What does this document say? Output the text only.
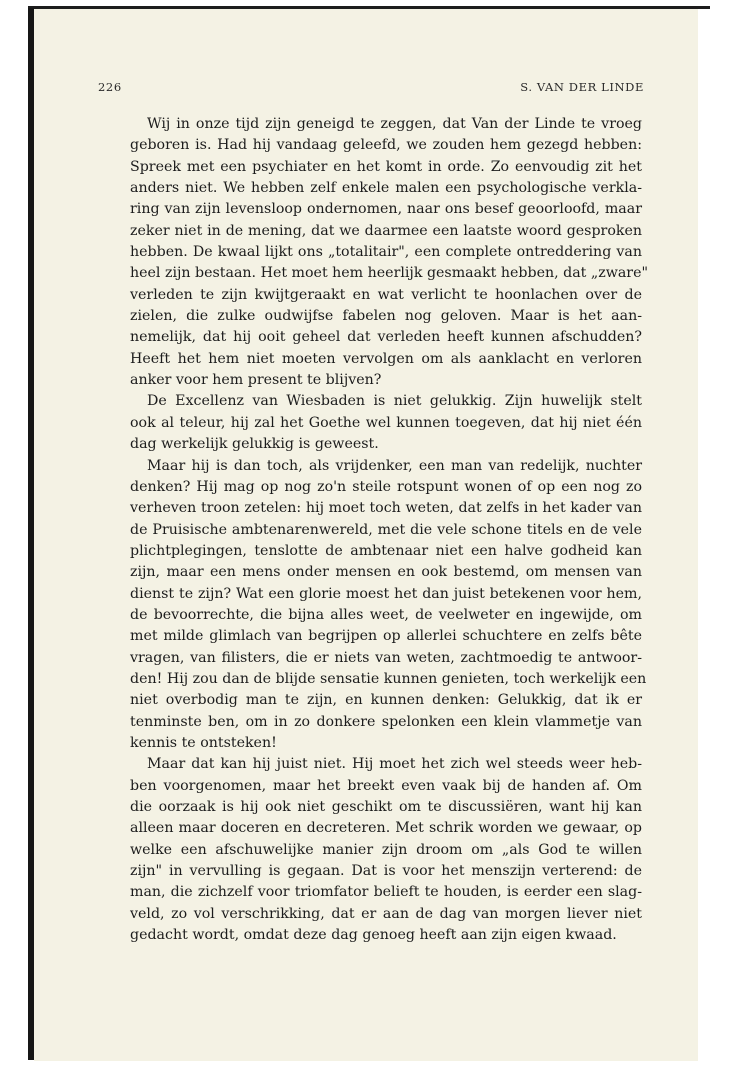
226	S. VAN DER LINDE
Wij in onze tijd zijn geneigd te zeggen, dat Van der Linde te vroeg
geboren is. Had hij vandaag geleefd, we zouden hem gezegd hebben:
Spreek met een psychiater en het komt in orde. Zo eenvoudig zit het
anders niet. We hebben zelf enkele malen een psychologische verkla-
ring van zijn levensloop ondernomen, naar ons besef geoorloofd, maar
zeker niet in de mening, dat we daarmee een laatste woord gesproken
hebben. De kwaal lijkt ons „totalitair", een complete ontreddering van
heel zijn bestaan. Het moet hem heerlijk gesmaakt hebben, dat „zware"
verleden te zijn kwijtgeraakt en wat verlicht te hoonlachen over de
zielen, die zulke oudwijfse fabelen nog geloven. Maar is het aan-
nemelijk, dat hij ooit geheel dat verleden heeft kunnen afschudden?
Heeft het hem niet moeten vervolgen om als aanklacht en verloren
anker voor hem present te blijven?
De Excellenz van Wiesbaden is niet gelukkig. Zijn huwelijk stelt
ook al teleur, hij zal het Goethe wel kunnen toegeven, dat hij niet één
dag werkelijk gelukkig is geweest.
Maar hij is dan toch, als vrijdenker, een man van redelijk, nuchter
denken? Hij mag op nog zo'n steile rotspunt wonen of op een nog zo
verheven troon zetelen: hij moet toch weten, dat zelfs in het kader van
de Pruisische ambtenarenwereld, met die vele schone titels en de vele
plichtplegingen, tenslotte de ambtenaar niet een halve godheid kan
zijn, maar een mens onder mensen en ook bestemd, om mensen van
dienst te zijn? Wat een glorie moest het dan juist betekenen voor hem,
de bevoorrechte, die bijna alles weet, de veelweter en ingewijde, om
met milde glimlach van begrijpen op allerlei schuchtere en zelfs bête
vragen, van filisters, die er niets van weten, zachtmoedig te antwoor-
den! Hij zou dan de blijde sensatie kunnen genieten, toch werkelijk een
niet overbodig man te zijn, en kunnen denken: Gelukkig, dat ik er
tenminste ben, om in zo donkere spelonken een klein vlammetje van
kennis te ontsteken!
Maar dat kan hij juist niet. Hij moet het zich wel steeds weer heb-
ben voorgenomen, maar het breekt even vaak bij de handen af. Om
die oorzaak is hij ook niet geschikt om te discussiëren, want hij kan
alleen maar doceren en decreteren. Met schrik worden we gewaar, op
welke een afschuwelijke manier zijn droom om „als God te willen
zijn" in vervulling is gegaan. Dat is voor het menszijn verterend: de
man, die zichzelf voor triomfator belieft te houden, is eerder een slag-
veld, zo vol verschrikking, dat er aan de dag van morgen liever niet
gedacht wordt, omdat deze dag genoeg heeft aan zijn eigen kwaad.
